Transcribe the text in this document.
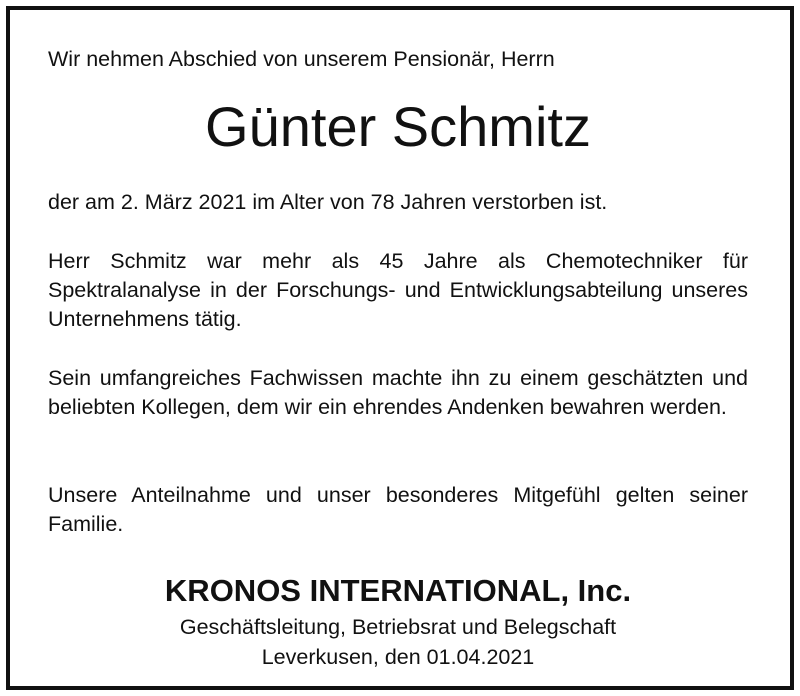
Wir nehmen Abschied von unserem Pensionär, Herrn

Günter Schmitz

der am 2. März 2021 im Alter von 78 Jahren verstorben ist.

Herr Schmitz war mehr als 45 Jahre als Chemotechniker für Spektralanalyse in der Forschungs- und Entwicklungsabteilung unseres Unternehmens tätig.

Sein umfangreiches Fachwissen machte ihn zu einem geschätzten und beliebten Kollegen, dem wir ein ehrendes Andenken bewahren werden.

Unsere Anteilnahme und unser besonderes Mitgefühl gelten seiner Familie.

KRONOS INTERNATIONAL, Inc.

Geschäftsleitung, Betriebsrat und Belegschaft

Leverkusen, den 01.04.2021
